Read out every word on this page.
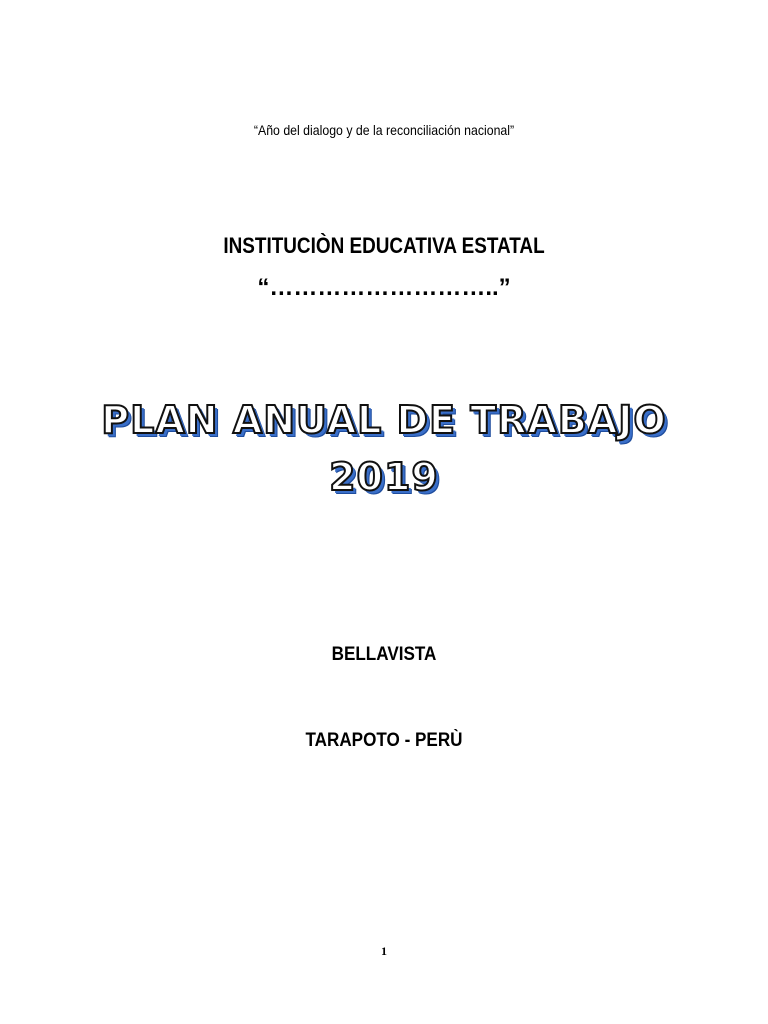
“Año del dialogo y de la reconciliación nacional”
INSTITUCIÒN EDUCATIVA ESTATAL
“………………………..”
PLAN ANUAL DE TRABAJO
2019
BELLAVISTA
TARAPOTO - PERÙ
1
